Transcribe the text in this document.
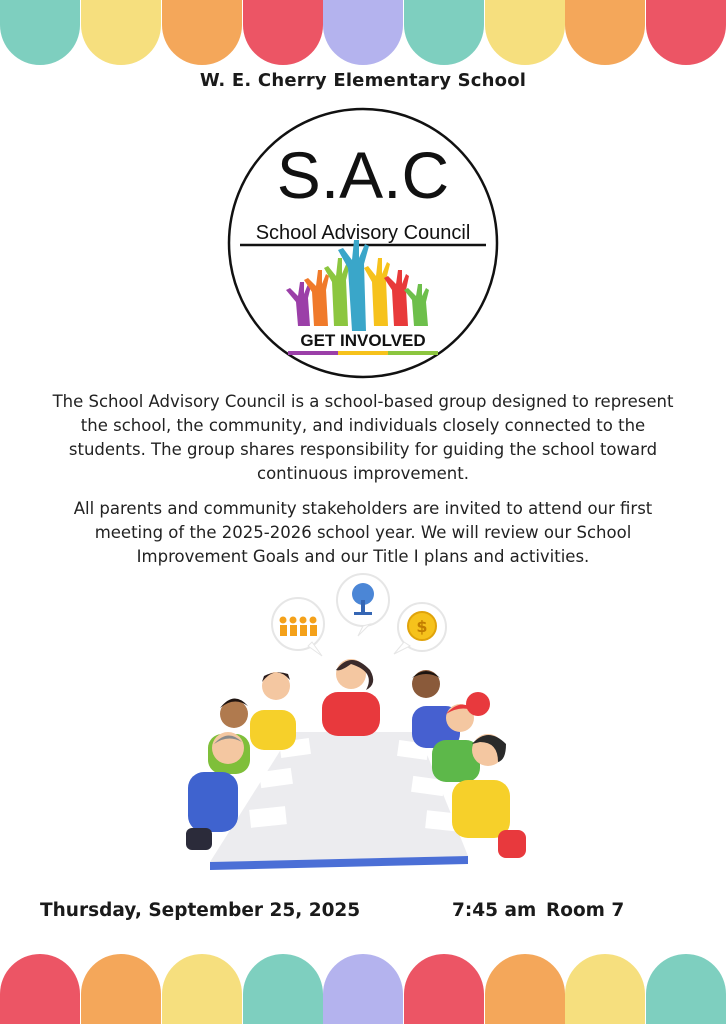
W. E. Cherry Elementary School
S.A.C
School Advisory Council
GET INVOLVED
The School Advisory Council is a school-based group designed to represent the school, the community, and individuals closely connected to the students. The group shares responsibility for guiding the school toward continuous improvement.
All parents and community stakeholders are invited to attend our first meeting of the 2025-2026 school year. We will review our School Improvement Goals and our Title I plans and activities.
$
Thursday, September 25, 2025	7:45 am Room 7
